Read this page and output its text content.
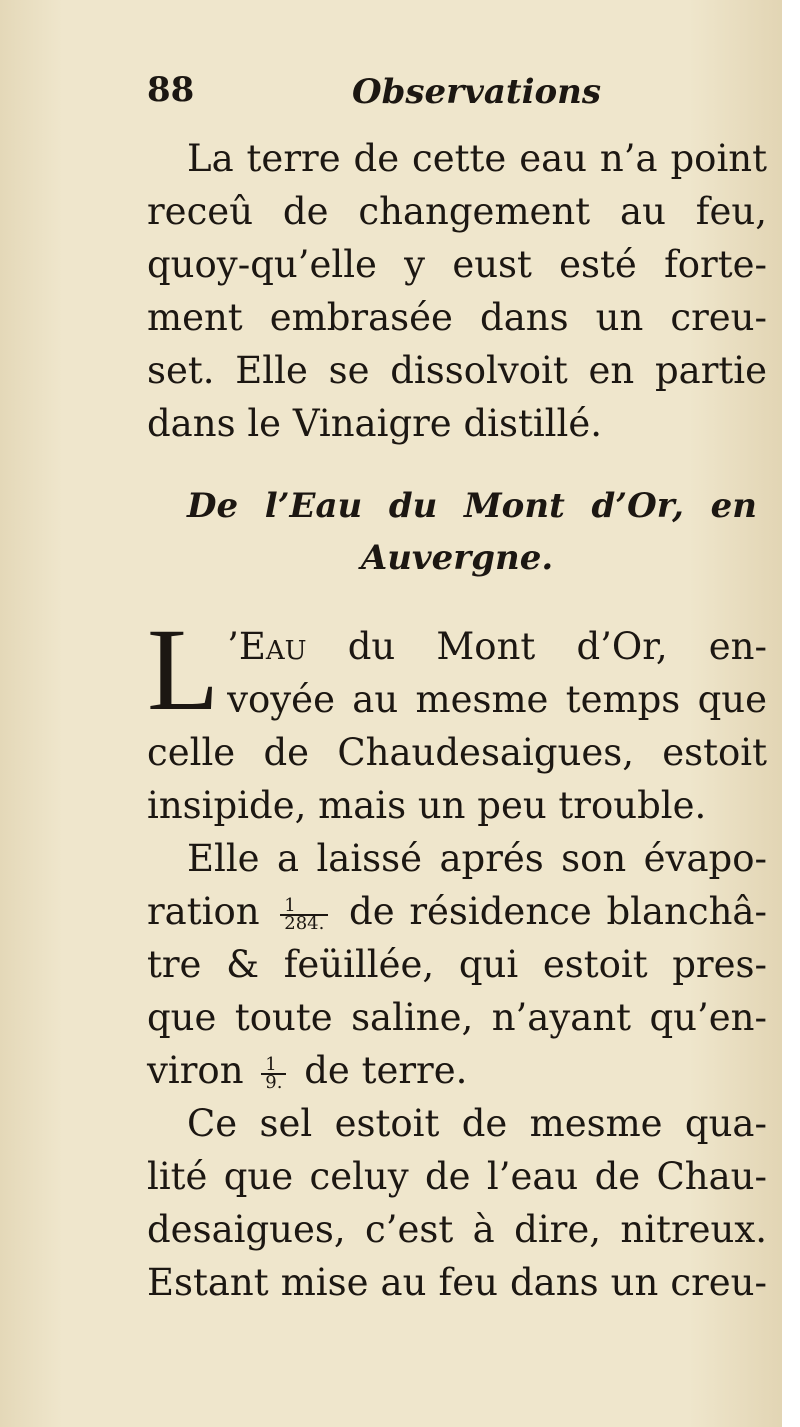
88	Observations

La terre de cette eau n’a point
receû de changement au feu,
quoy-qu’elle y eust esté forte-
ment embrasée dans un creu-
set. Elle se dissolvoit en partie
dans le Vinaigre distillé.

De l’Eau du Mont d’Or, en
Auvergne.
L ’Eau du Mont d’Or, en-
voyée au mesme temps que
celle de Chaudesaigues, estoit
insipide, mais un peu trouble.
Elle a laissé aprés son évapo-
ration $\frac{1}{284.}$ de résidence blanchâ-
tre & feüillée, qui estoit pres-
que toute saline, n’ayant qu’en-
viron $\frac{1}{9.}$ de terre.

Ce sel estoit de mesme qua-
lité que celuy de l’eau de Chau-
desaigues, c’est à dire, nitreux.
Estant mise au feu dans un creu-
